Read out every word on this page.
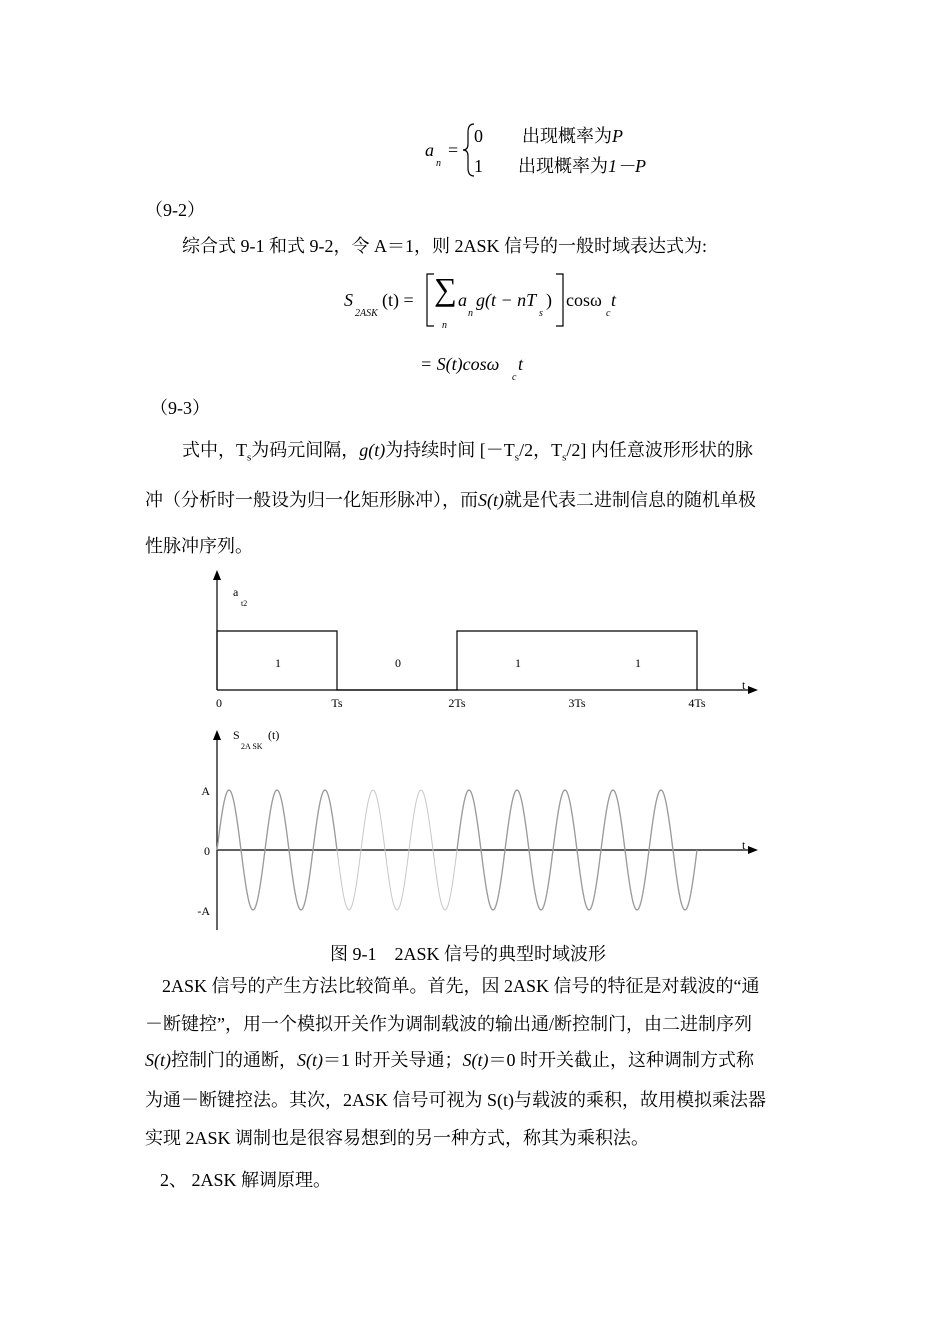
a
n
=
0 出现概率为 P
1 出现概率为 1－P
（9-2）
综合式 9-1 和式 9-2，令 A＝1，则 2ASK 信号的一般时域表达式为:
S
2ASK
(t) = ∑
n
a
n
g(t − nT
s
) cosω
c
t
= S(t)cosω
c
t
（9-3）
式中，$T_s$为码元间隔，g(t)为持续时间 [$-T_s/2$，$T_s/2$] 内任意波形形状的脉
冲（分析时一般设为归一化矩形脉冲），而S(t)就是代表二进制信息的随机单极
性脉冲序列。
1	0	1	1
0	Ts	2Ts	3Ts	4Ts
a
t2
t
S
2A SK
(t)
A
0
-A
t
图 9-1　2ASK 信号的典型时域波形
2ASK 信号的产生方法比较简单。首先，因 2ASK 信号的特征是对载波的“通
－断键控”，用一个模拟开关作为调制载波的输出通/断控制门，由二进制序列
S(t)控制门的通断，S(t)＝1 时开关导通；S(t)＝0 时开关截止，这种调制方式称
为通－断键控法。其次，2ASK 信号可视为 S(t)与载波的乘积，故用模拟乘法器
实现 2ASK 调制也是很容易想到的另一种方式，称其为乘积法。
2、 2ASK 解调原理。
